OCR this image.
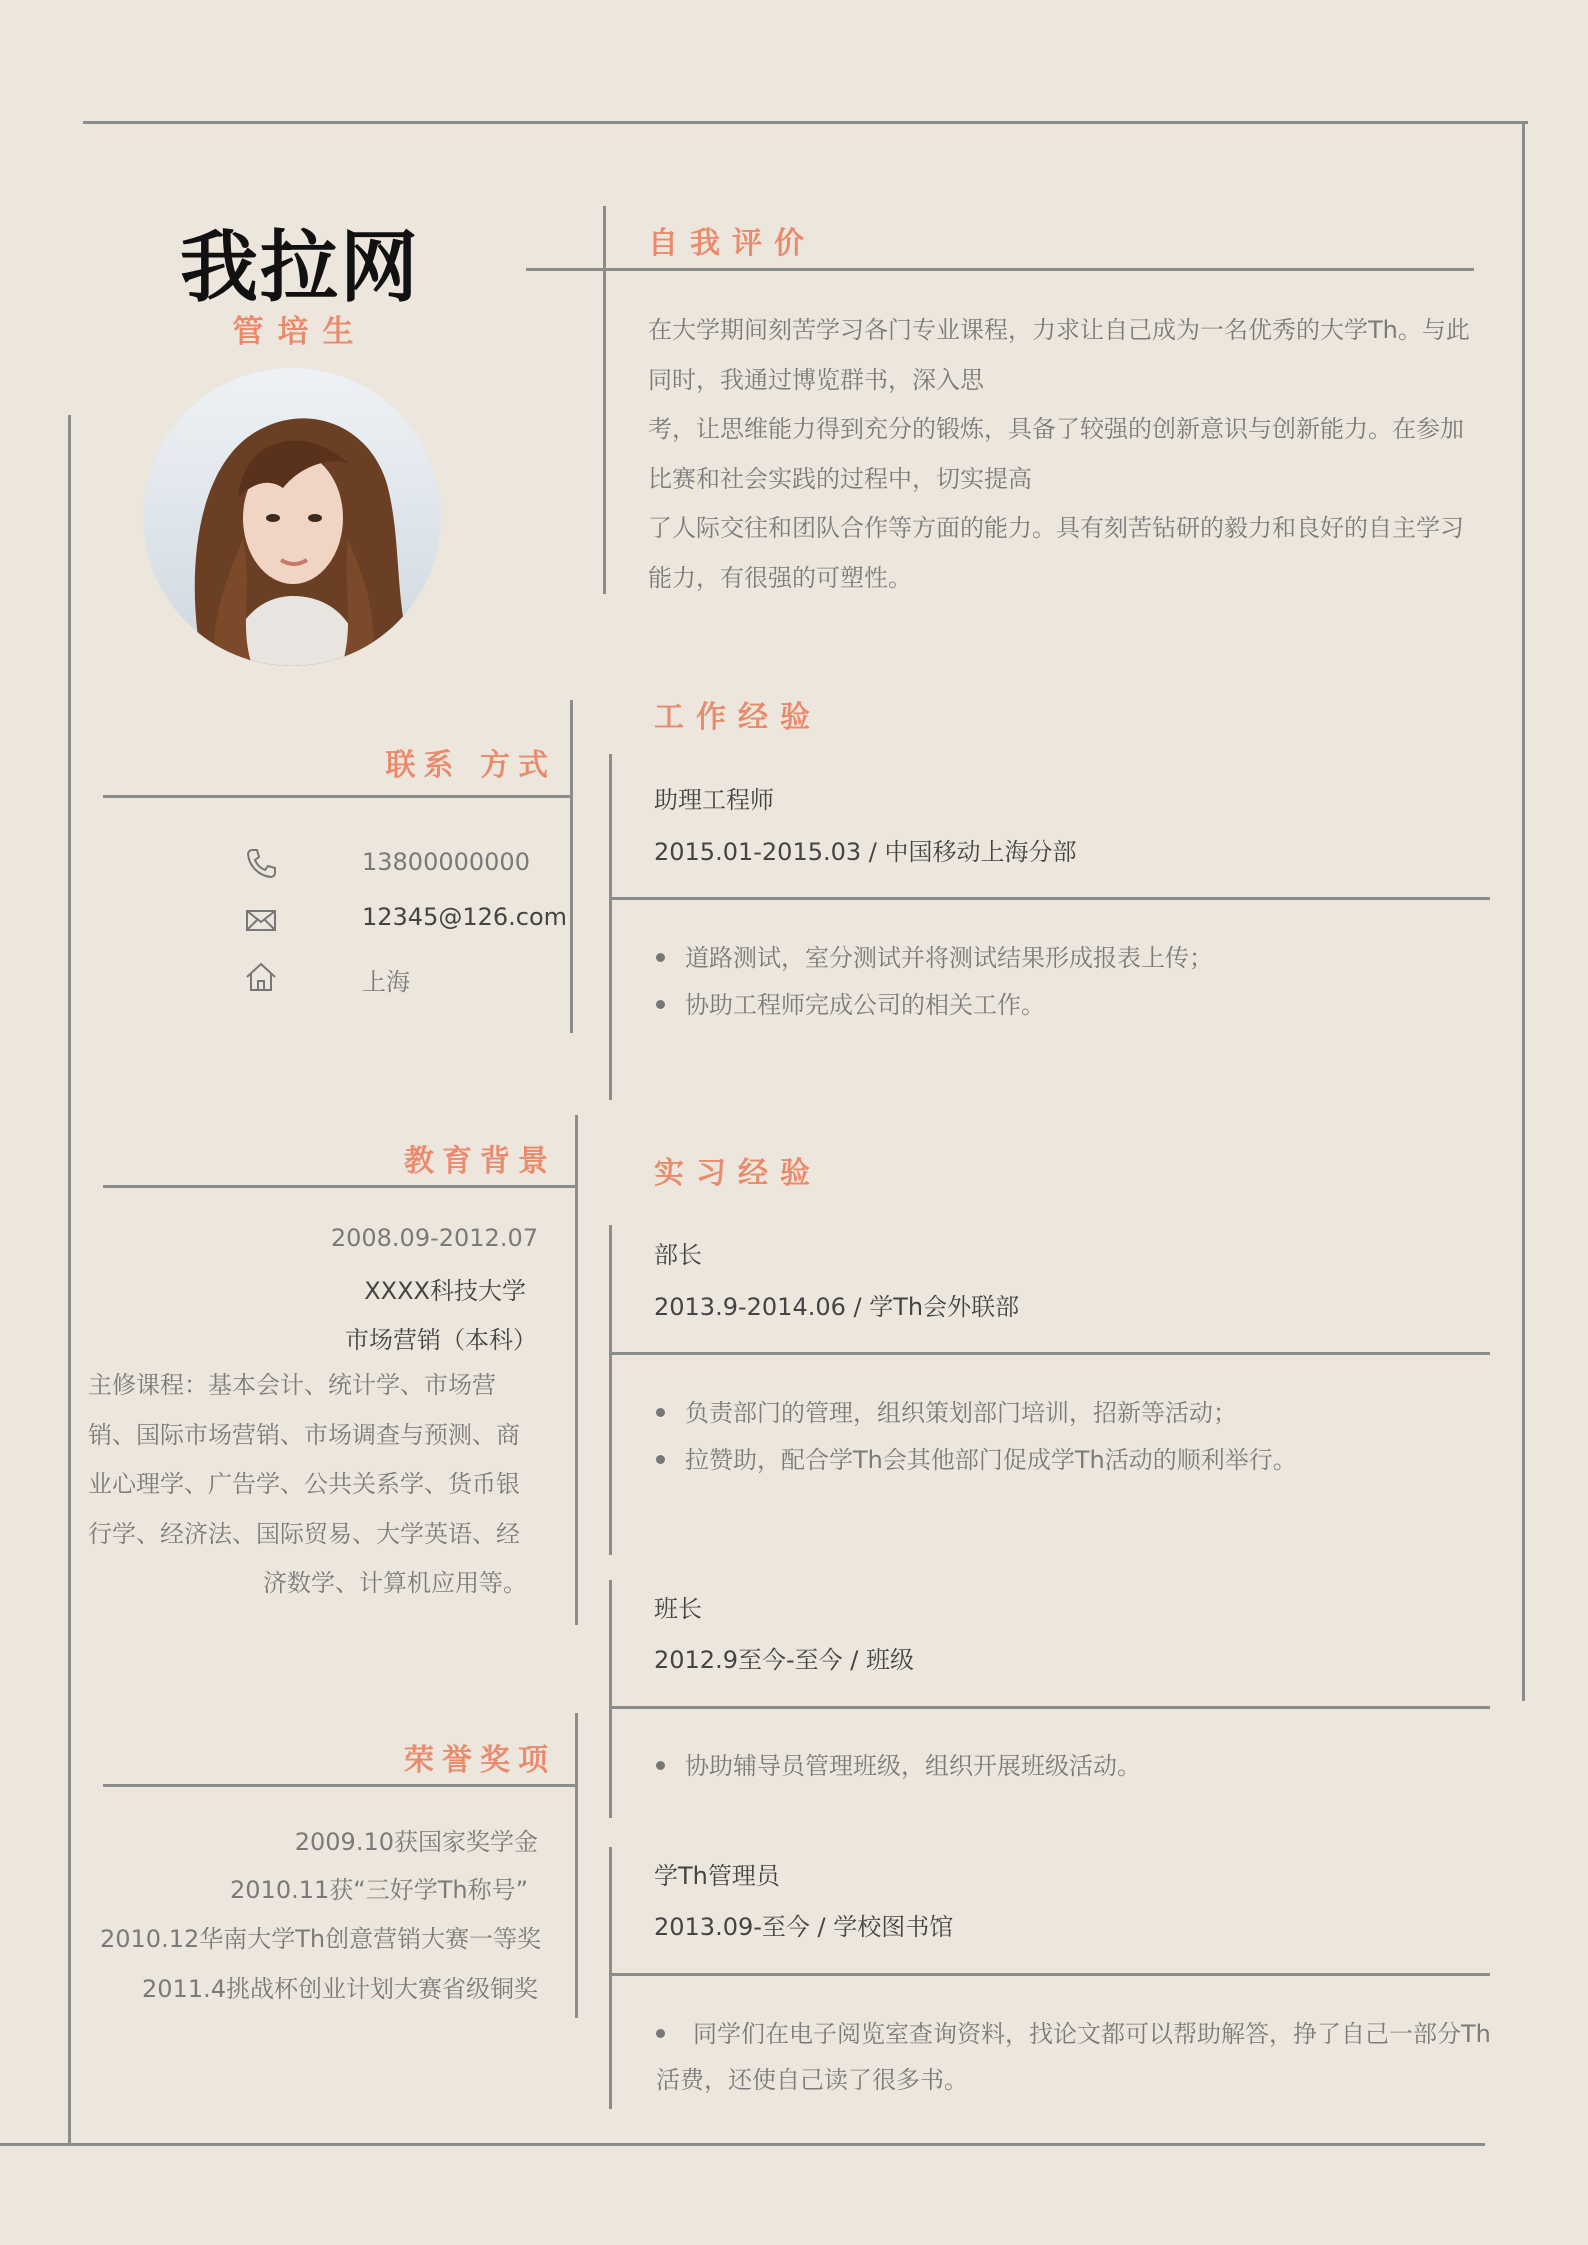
我拉网
管培生
自我评价
在大学期间刻苦学习各门专业课程，力求让自己成为一名优秀的大学Th。与此
同时，我通过博览群书，深入思
考，让思维能力得到充分的锻炼，具备了较强的创新意识与创新能力。在参加
比赛和社会实践的过程中，切实提高
了人际交往和团队合作等方面的能力。具有刻苦钻研的毅力和良好的自主学习
能力，有很强的可塑性。
联系 方式
13800000000
12345@126.com
上海
工作经验
助理工程师
2015.01-2015.03 / 中国移动上海分部
道路测试，室分测试并将测试结果形成报表上传；
协助工程师完成公司的相关工作。
教育背景
2008.09-2012.07
XXXX科技大学
市场营销（本科）
主修课程：基本会计、统计学、市场营
销、国际市场营销、市场调查与预测、商
业心理学、广告学、公共关系学、货币银
行学、经济法、国际贸易、大学英语、经
济数学、计算机应用等。
实习经验
部长
2013.9-2014.06 / 学Th会外联部
负责部门的管理，组织策划部门培训，招新等活动；
拉赞助，配合学Th会其他部门促成学Th活动的顺利举行。
班长
2012.9至今-至今 / 班级
协助辅导员管理班级，组织开展班级活动。
学Th管理员
2013.09-至今 / 学校图书馆
同学们在电子阅览室查询资料，找论文都可以帮助解答，挣了自己一部分Th
活费，还使自己读了很多书。
荣誉奖项
2009.10获国家奖学金
2010.11获“三好学Th称号”
2010.12华南大学Th创意营销大赛一等奖
2011.4挑战杯创业计划大赛省级铜奖
